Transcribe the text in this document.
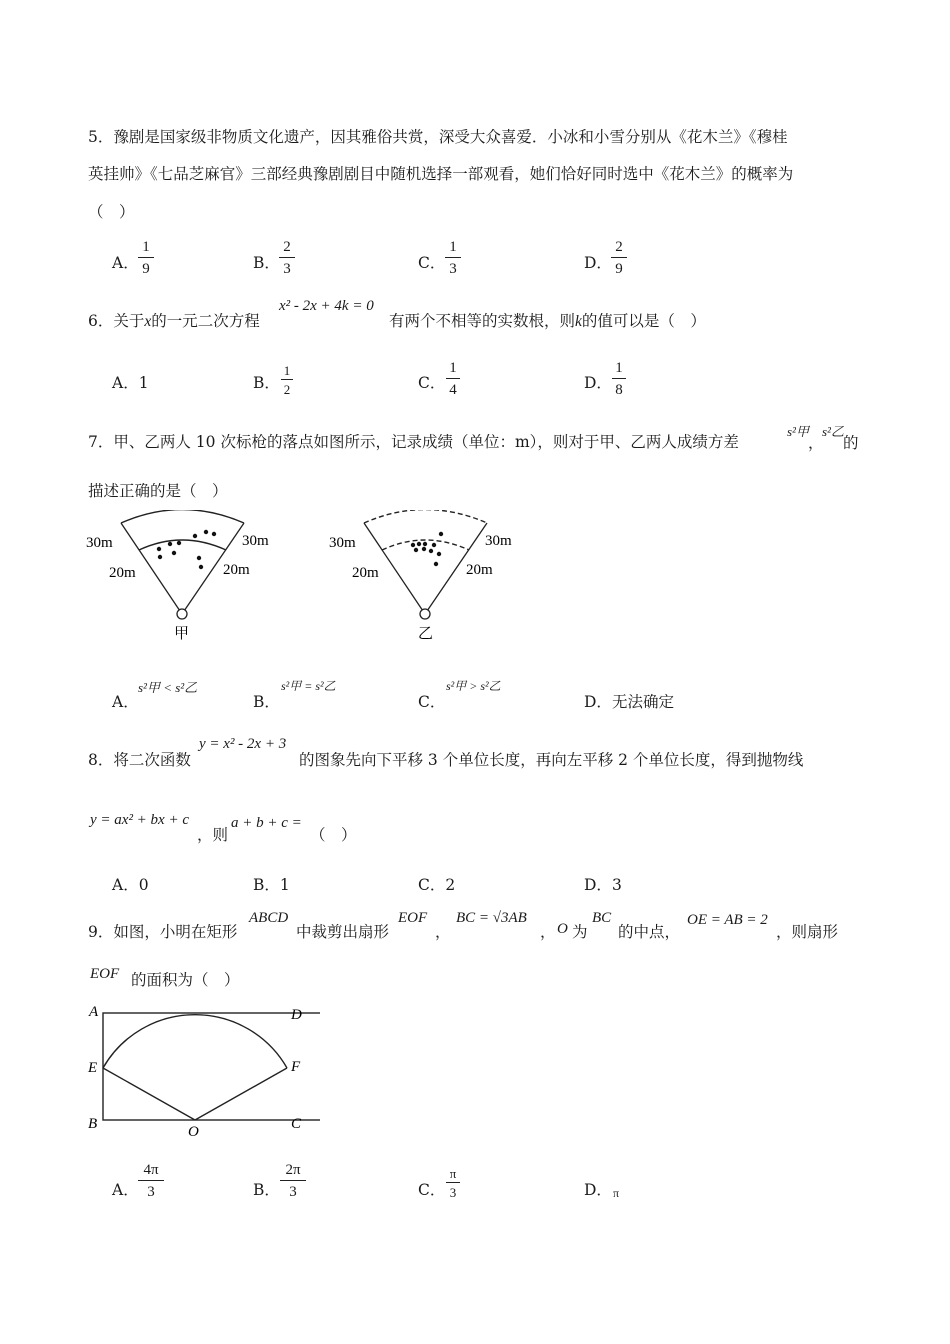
5．豫剧是国家级非物质文化遗产，因其雅俗共赏，深受大众喜爱．小冰和小雪分别从《花木兰》《穆桂
英挂帅》《七品芝麻官》三部经典豫剧剧目中随机选择一部观看，她们恰好同时选中《花木兰》的概率为
（　）
A．
1
9	B．
2
3	C．
1
3	D．
2
9
6．关于x的一元二次方程
x² - 2x + 4k = 0
有两个不相等的实数根，则k的值可以是（　）
A．1	B．
1
2	C．
1
4	D．
1
8
7．甲、乙两人 10 次标枪的落点如图所示，记录成绩（单位：m），则对于甲、乙两人成绩方差
s²甲
，
s²乙
的
描述正确的是（　）
30m	30m
20m	20m
甲
30m	30m
20m	20m
乙
A．
s²甲 < s²乙
B．
s²甲 = s²乙
C．
s²甲 > s²乙
D．无法确定
8．将二次函数
y = x² - 2x + 3
的图象先向下平移 3 个单位长度，再向左平移 2 个单位长度，得到抛物线
y = ax² + bx + c
，则
a + b + c =
（　）
A．0	B．1	C．2	D．3
9．如图，小明在矩形
ABCD
中裁剪出扇形
EOF
，
BC = √3AB
， O 为
BC
的中点，
OE = AB = 2
，则扇形
EOF 的面积为（　）
A	D
E	F
B	O	C
A．
4π
3	B．
2π
3	C．
π
3	D． π
